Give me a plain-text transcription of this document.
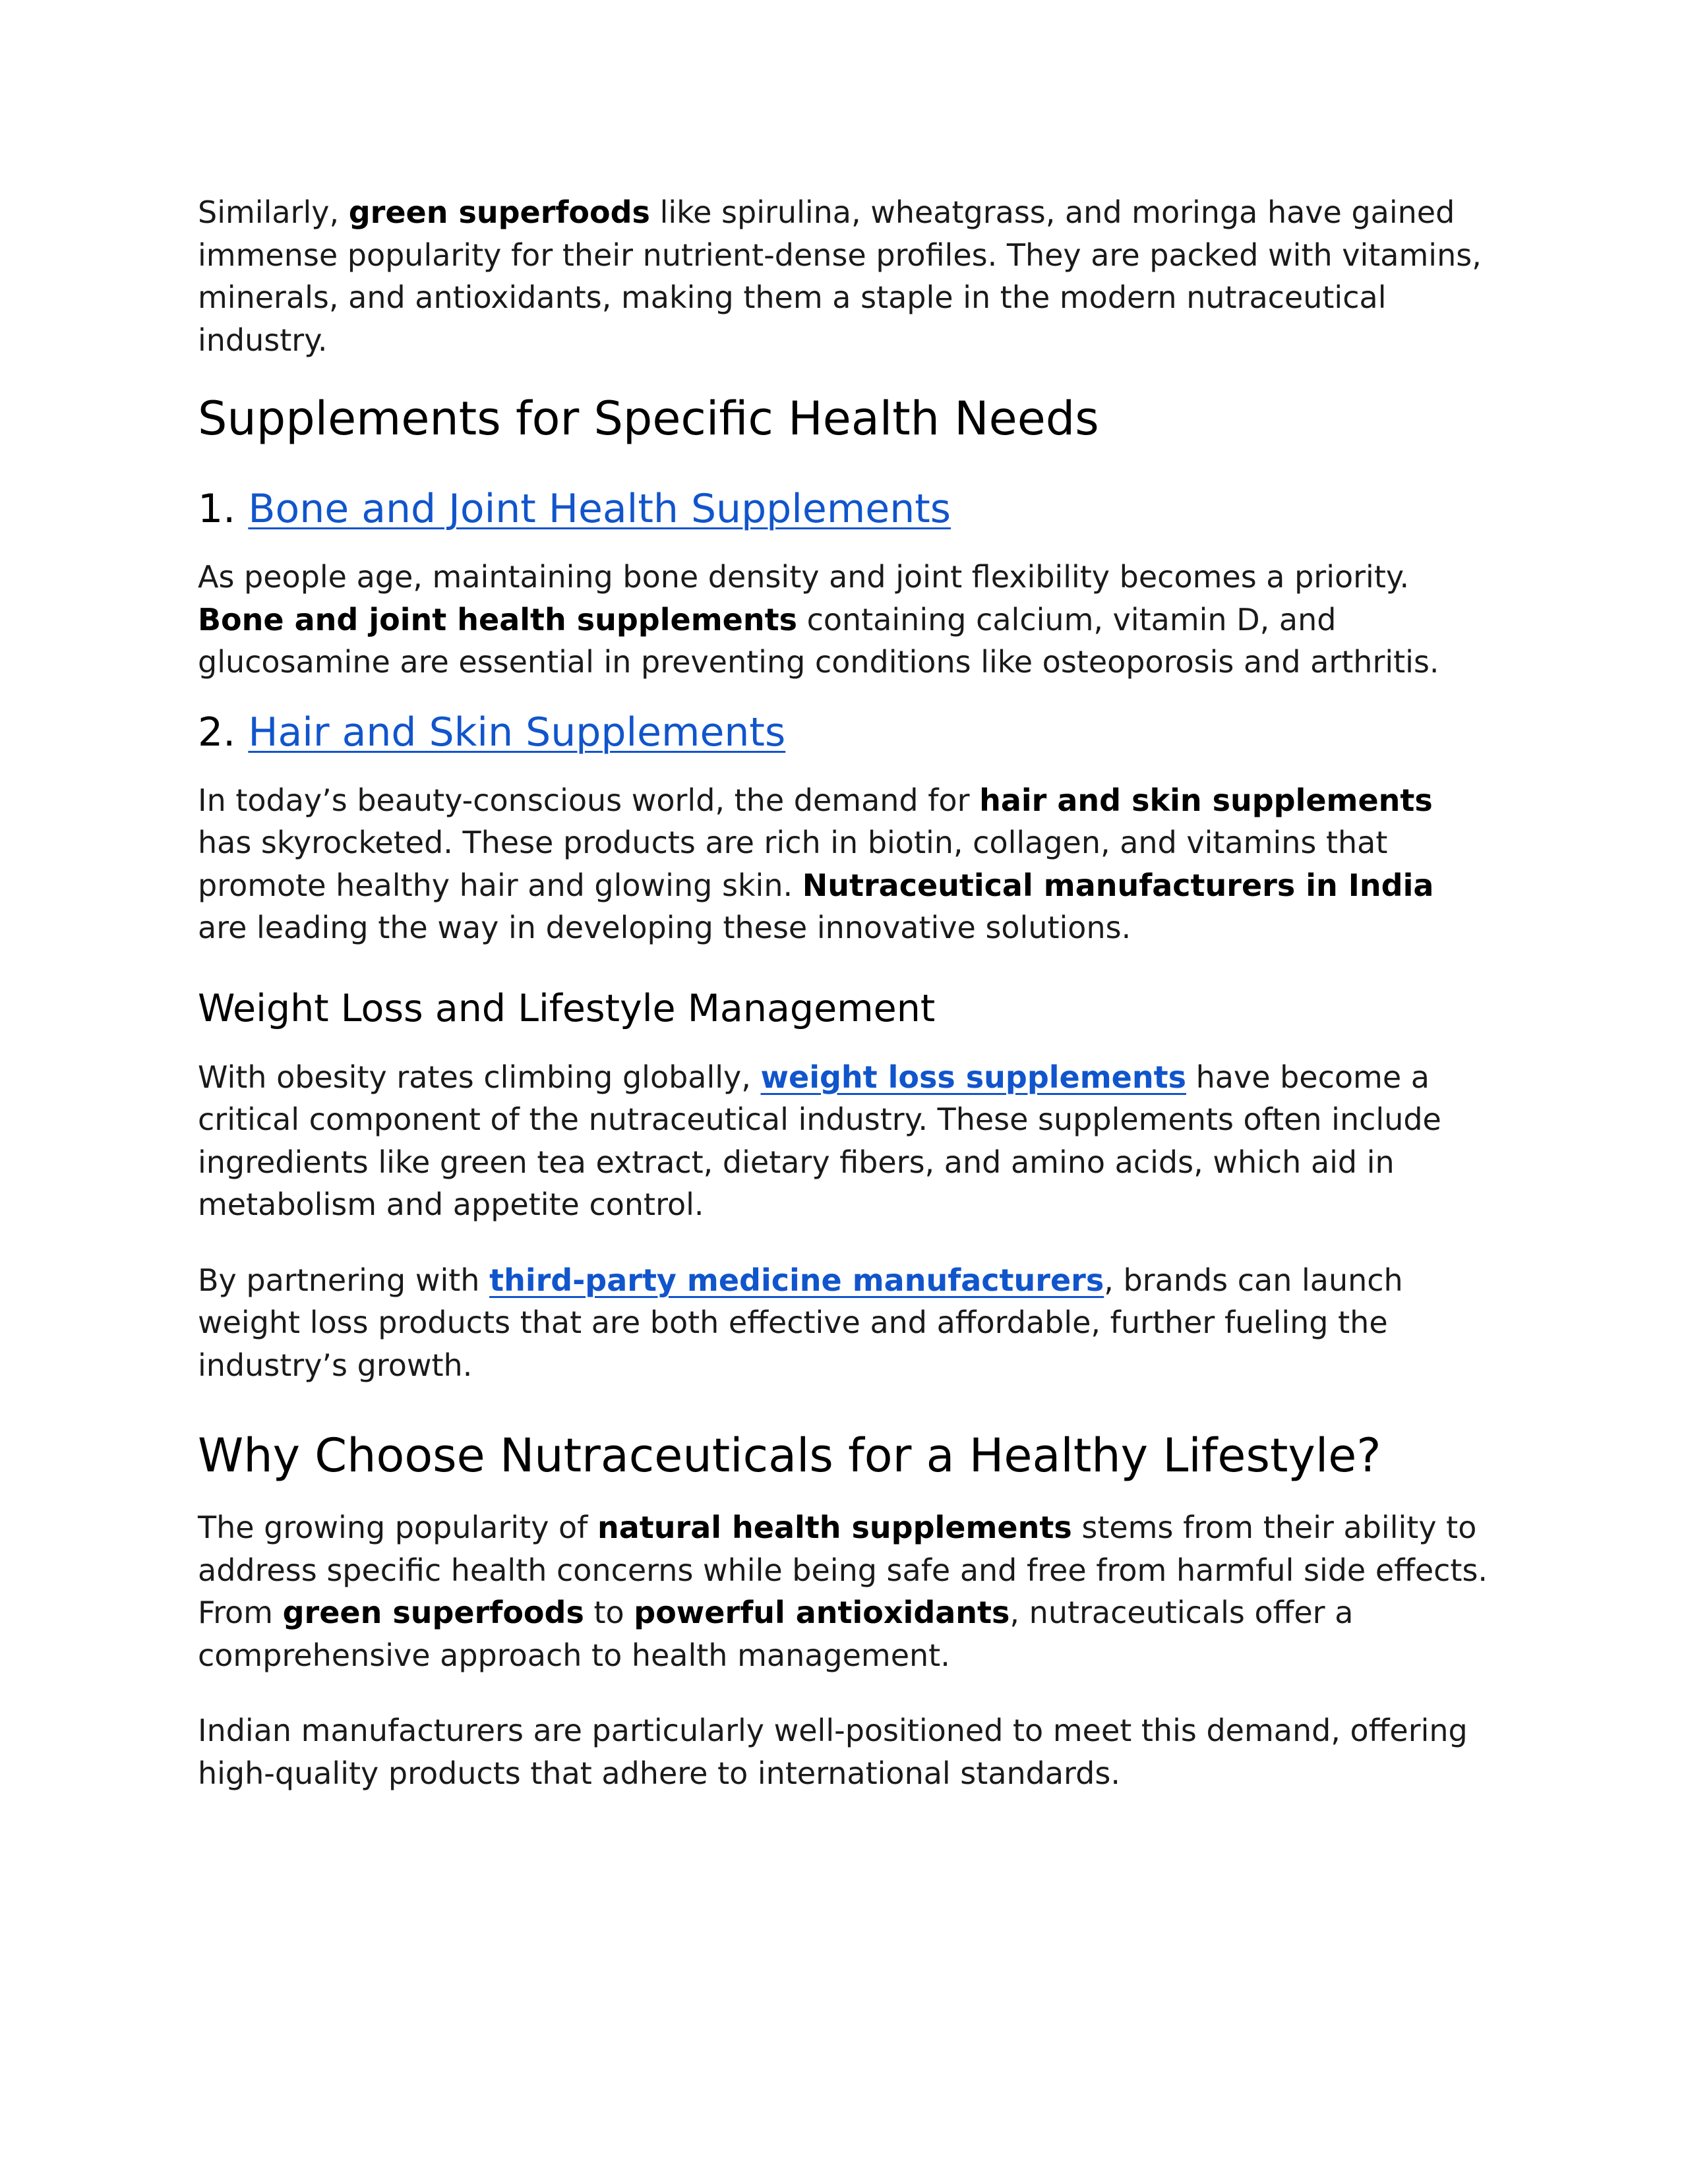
Similarly, green superfoods like spirulina, wheatgrass, and moringa have gained immense popularity for their nutrient-dense profiles. They are packed with vitamins, minerals, and antioxidants, making them a staple in the modern nutraceutical industry.

Supplements for Specific Health Needs
1. Bone and Joint Health Supplements

As people age, maintaining bone density and joint flexibility becomes a priority. Bone and joint health supplements containing calcium, vitamin D, and glucosamine are essential in preventing conditions like osteoporosis and arthritis.

2. Hair and Skin Supplements

In today’s beauty-conscious world, the demand for hair and skin supplements has skyrocketed. These products are rich in biotin, collagen, and vitamins that promote healthy hair and glowing skin. Nutraceutical manufacturers in India are leading the way in developing these innovative solutions.

Weight Loss and Lifestyle Management

With obesity rates climbing globally, weight loss supplements have become a critical component of the nutraceutical industry. These supplements often include ingredients like green tea extract, dietary fibers, and amino acids, which aid in metabolism and appetite control.

By partnering with third-party medicine manufacturers, brands can launch weight loss products that are both effective and affordable, further fueling the industry’s growth.

Why Choose Nutraceuticals for a Healthy Lifestyle?

The growing popularity of natural health supplements stems from their ability to address specific health concerns while being safe and free from harmful side effects. From green superfoods to powerful antioxidants, nutraceuticals offer a comprehensive approach to health management.

Indian manufacturers are particularly well-positioned to meet this demand, offering high-quality products that adhere to international standards.
